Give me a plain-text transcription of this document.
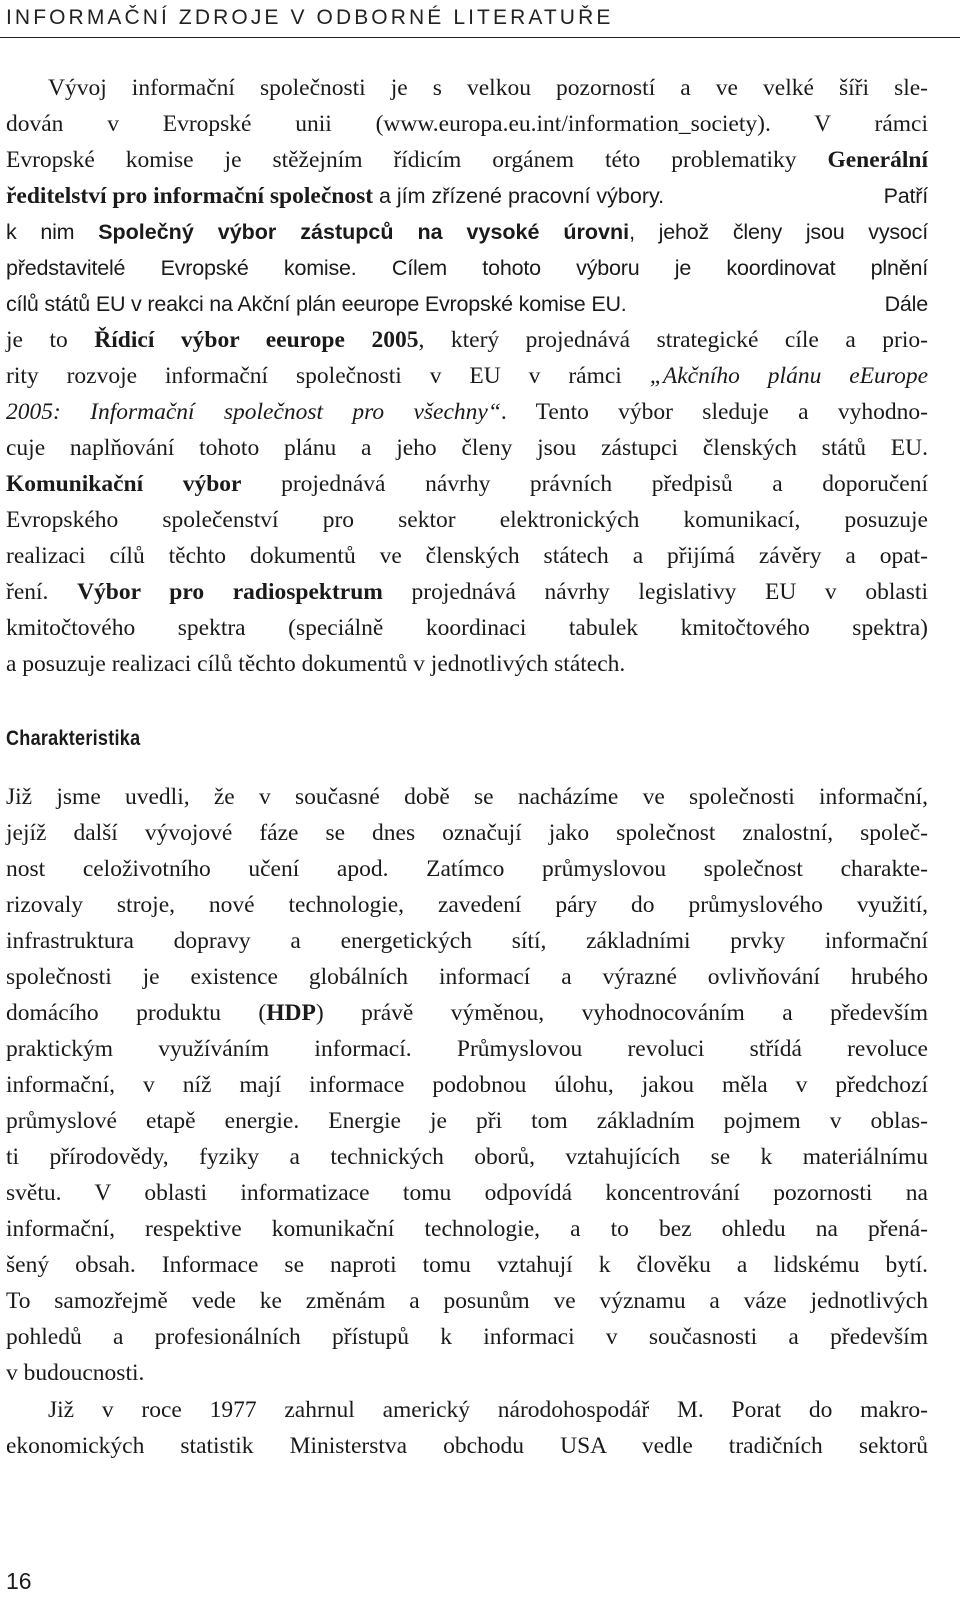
INFORMAČNÍ ZDROJE V ODBORNÉ LITERATUŘE
Vývoj informační společnosti je s velkou pozorností a ve velké šíři sle-
dován v Evropské unii (www.europa.eu.int/information_society). V rámci
Evropské komise je stěžejním řídicím orgánem této problematiky Generální
ředitelství pro informační společnost a jím zřízené pracovní výbory.	Patří
k nim Společný výbor zástupců na vysoké úrovni, jehož členy jsou vysocí
představitelé Evropské komise. Cílem tohoto výboru je koordinovat plnění
cílů států EU v reakci na Akční plán eeurope Evropské komise EU.	Dále
je to Řídicí výbor eeurope 2005, který projednává strategické cíle a prio-
rity rozvoje informační společnosti v EU v rámci „Akčního plánu eEurope
2005: Informační společnost pro všechny“. Tento výbor sleduje a vyhodno-
cuje naplňování tohoto plánu a jeho členy jsou zástupci členských států EU.
Komunikační výbor projednává návrhy právních předpisů a doporučení
Evropského společenství pro sektor elektronických komunikací, posuzuje
realizaci cílů těchto dokumentů ve členských státech a přijímá závěry a opat-
ření. Výbor pro radiospektrum projednává návrhy legislativy EU v oblasti
kmitočtového spektra (speciálně koordinaci tabulek kmitočtového spektra)
a posuzuje realizaci cílů těchto dokumentů v jednotlivých státech.
Charakteristika
Již jsme uvedli, že v současné době se nacházíme ve společnosti informační,
jejíž další vývojové fáze se dnes označují jako společnost znalostní, společ-
nost celoživotního učení apod. Zatímco průmyslovou společnost charakte-
rizovaly stroje, nové technologie, zavedení páry do průmyslového využití,
infrastruktura dopravy a energetických sítí, základními prvky informační
společnosti je existence globálních informací a výrazné ovlivňování hrubého
domácího produktu (HDP) právě výměnou, vyhodnocováním a především
praktickým využíváním informací. Průmyslovou revoluci střídá revoluce
informační, v níž mají informace podobnou úlohu, jakou měla v předchozí
průmyslové etapě energie. Energie je při tom základním pojmem v oblas-
ti přírodovědy, fyziky a technických oborů, vztahujících se k materiálnímu
světu. V oblasti informatizace tomu odpovídá koncentrování pozornosti na
informační, respektive komunikační technologie, a to bez ohledu na přená-
šený obsah. Informace se naproti tomu vztahují k člověku a lidskému bytí.
To samozřejmě vede ke změnám a posunům ve významu a váze jednotlivých
pohledů a profesionálních přístupů k informaci v současnosti a především
v budoucnosti.
Již v roce 1977 zahrnul americký národohospodář M. Porat do makro-
ekonomických statistik Ministerstva obchodu USA vedle tradičních sektorů
16
